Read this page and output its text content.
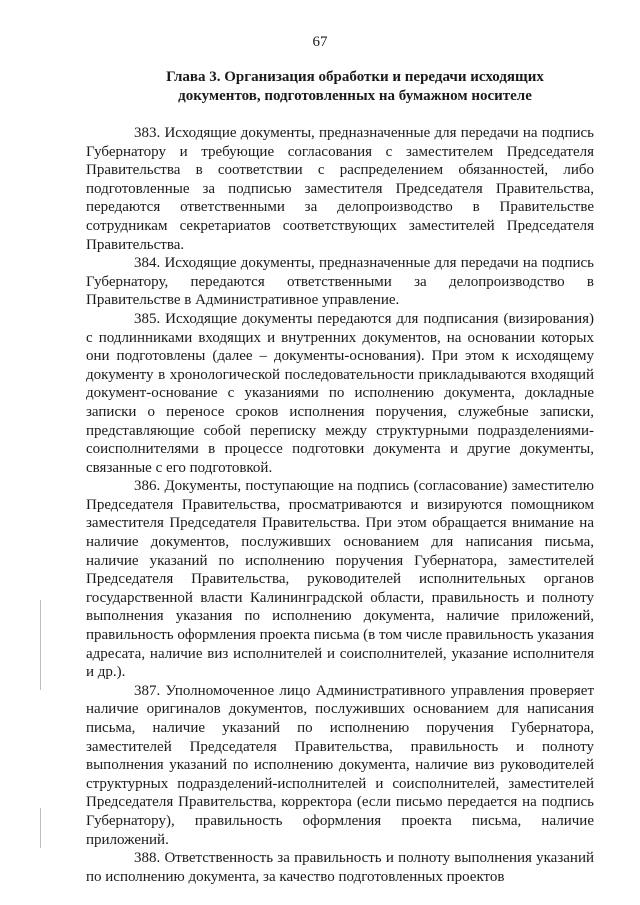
67
Глава 3. Организация обработки и передачи исходящих
документов, подготовленных на бумажном носителе

383. Исходящие документы, предназначенные для передачи на подпись Губернатору и требующие согласования с заместителем Председателя Правительства в соответствии с распределением обязанностей, либо подготовленные за подписью заместителя Председателя Правительства, передаются ответственными за делопроизводство в Правительстве сотрудникам секретариатов соответствующих заместителей Председателя Правительства.

384. Исходящие документы, предназначенные для передачи на подпись Губернатору, передаются ответственными за делопроизводство в Правительстве в Административное управление.

385. Исходящие документы передаются для подписания (визирования) с подлинниками входящих и внутренних документов, на основании которых они подготовлены (далее – документы-основания). При этом к исходящему документу в хронологической последовательности прикладываются входящий документ-основание с указаниями по исполнению документа, докладные записки о переносе сроков исполнения поручения, служебные записки, представляющие собой переписку между структурными подразделениями-соисполнителями в процессе подготовки документа и другие документы, связанные с его подготовкой.

386. Документы, поступающие на подпись (согласование) заместителю Председателя Правительства, просматриваются и визируются помощником заместителя Председателя Правительства. При этом обращается внимание на наличие документов, послуживших основанием для написания письма, наличие указаний по исполнению поручения Губернатора, заместителей Председателя Правительства, руководителей исполнительных органов государственной власти Калининградской области, правильность и полноту выполнения указания по исполнению документа, наличие приложений, правильность оформления проекта письма (в том числе правильность указания адресата, наличие виз исполнителей и соисполнителей, указание исполнителя и др.).

387. Уполномоченное лицо Административного управления проверяет наличие оригиналов документов, послуживших основанием для написания письма, наличие указаний по исполнению поручения Губернатора, заместителей Председателя Правительства, правильность и полноту выполнения указаний по исполнению документа, наличие виз руководителей структурных подразделений-исполнителей и соисполнителей, заместителей Председателя Правительства, корректора (если письмо передается на подпись Губернатору), правильность оформления проекта письма, наличие приложений.

388. Ответственность за правильность и полноту выполнения указаний по исполнению документа, за качество подготовленных проектов
